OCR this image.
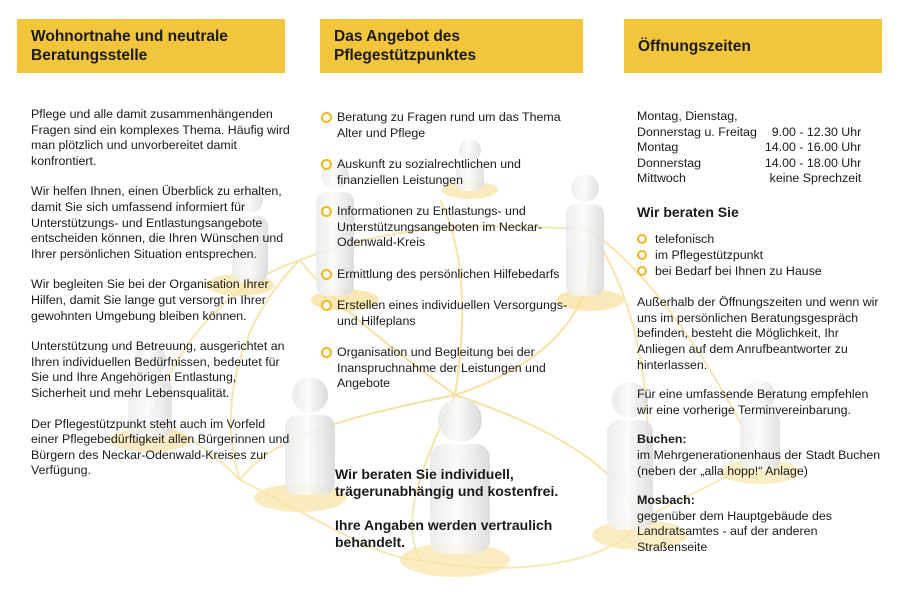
Wohnortnahe und neutrale Beratungsstelle
Das Angebot des Pflegestützpunktes
Öffnungszeiten

Pflege und alle damit zusammenhängenden Fragen sind ein komplexes Thema. Häufig wird man plötzlich und unvorbereitet damit konfrontiert.

Wir helfen Ihnen, einen Überblick zu erhalten, damit Sie sich umfassend informiert für Unterstützungs- und Entlastungsangebote entscheiden können, die Ihren Wünschen und Ihrer persönlichen Situation entsprechen.

Wir begleiten Sie bei der Organisation Ihrer Hilfen, damit Sie lange gut versorgt in Ihrer gewohnten Umgebung bleiben können.

Unterstützung und Betreuung, ausgerichtet an Ihren individuellen Bedürfnissen, bedeutet für Sie und Ihre Angehörigen Entlastung, Sicherheit und mehr Lebensqualität.

Der Pflegestützpunkt steht auch im Vorfeld einer Pflegebedürftigkeit allen Bürgerinnen und Bürgern des Neckar-Odenwald-Kreises zur Verfügung.

Beratung zu Fragen rund um das Thema Alter und Pflege
Auskunft zu sozialrechtlichen und finanziellen Leistungen
Informationen zu Entlastungs- und Unterstützungsangeboten im Neckar-Odenwald-Kreis
Ermittlung des persönlichen Hilfebedarfs
Erstellen eines individuellen Versorgungs- und Hilfeplans
Organisation und Begleitung bei der Inanspruchnahme der Leistungen und Angebote

Wir beraten Sie individuell, trägerunabhängig und kostenfrei.

Ihre Angaben werden vertraulich behandelt.

Montag, Dienstag,
Donnerstag u. Freitag	9.00 - 12.30 Uhr
Montag	14.00 - 16.00 Uhr
Donnerstag	14.00 - 18.00 Uhr
Mittwoch	keine Sprechzeit
Wir beraten Sie
telefonisch
im Pflegestützpunkt
bei Bedarf bei Ihnen zu Hause

Außerhalb der Öffnungszeiten und wenn wir uns im persönlichen Beratungsgespräch befinden, besteht die Möglichkeit, Ihr Anliegen auf dem Anrufbeantworter zu hinterlassen.

Für eine umfassende Beratung empfehlen wir eine vorherige Terminvereinbarung.

Buchen:

im Mehrgenerationenhaus der Stadt Buchen (neben der „alla hopp!“ Anlage)

Mosbach:

gegenüber dem Hauptgebäude des Landratsamtes - auf der anderen Straßenseite
